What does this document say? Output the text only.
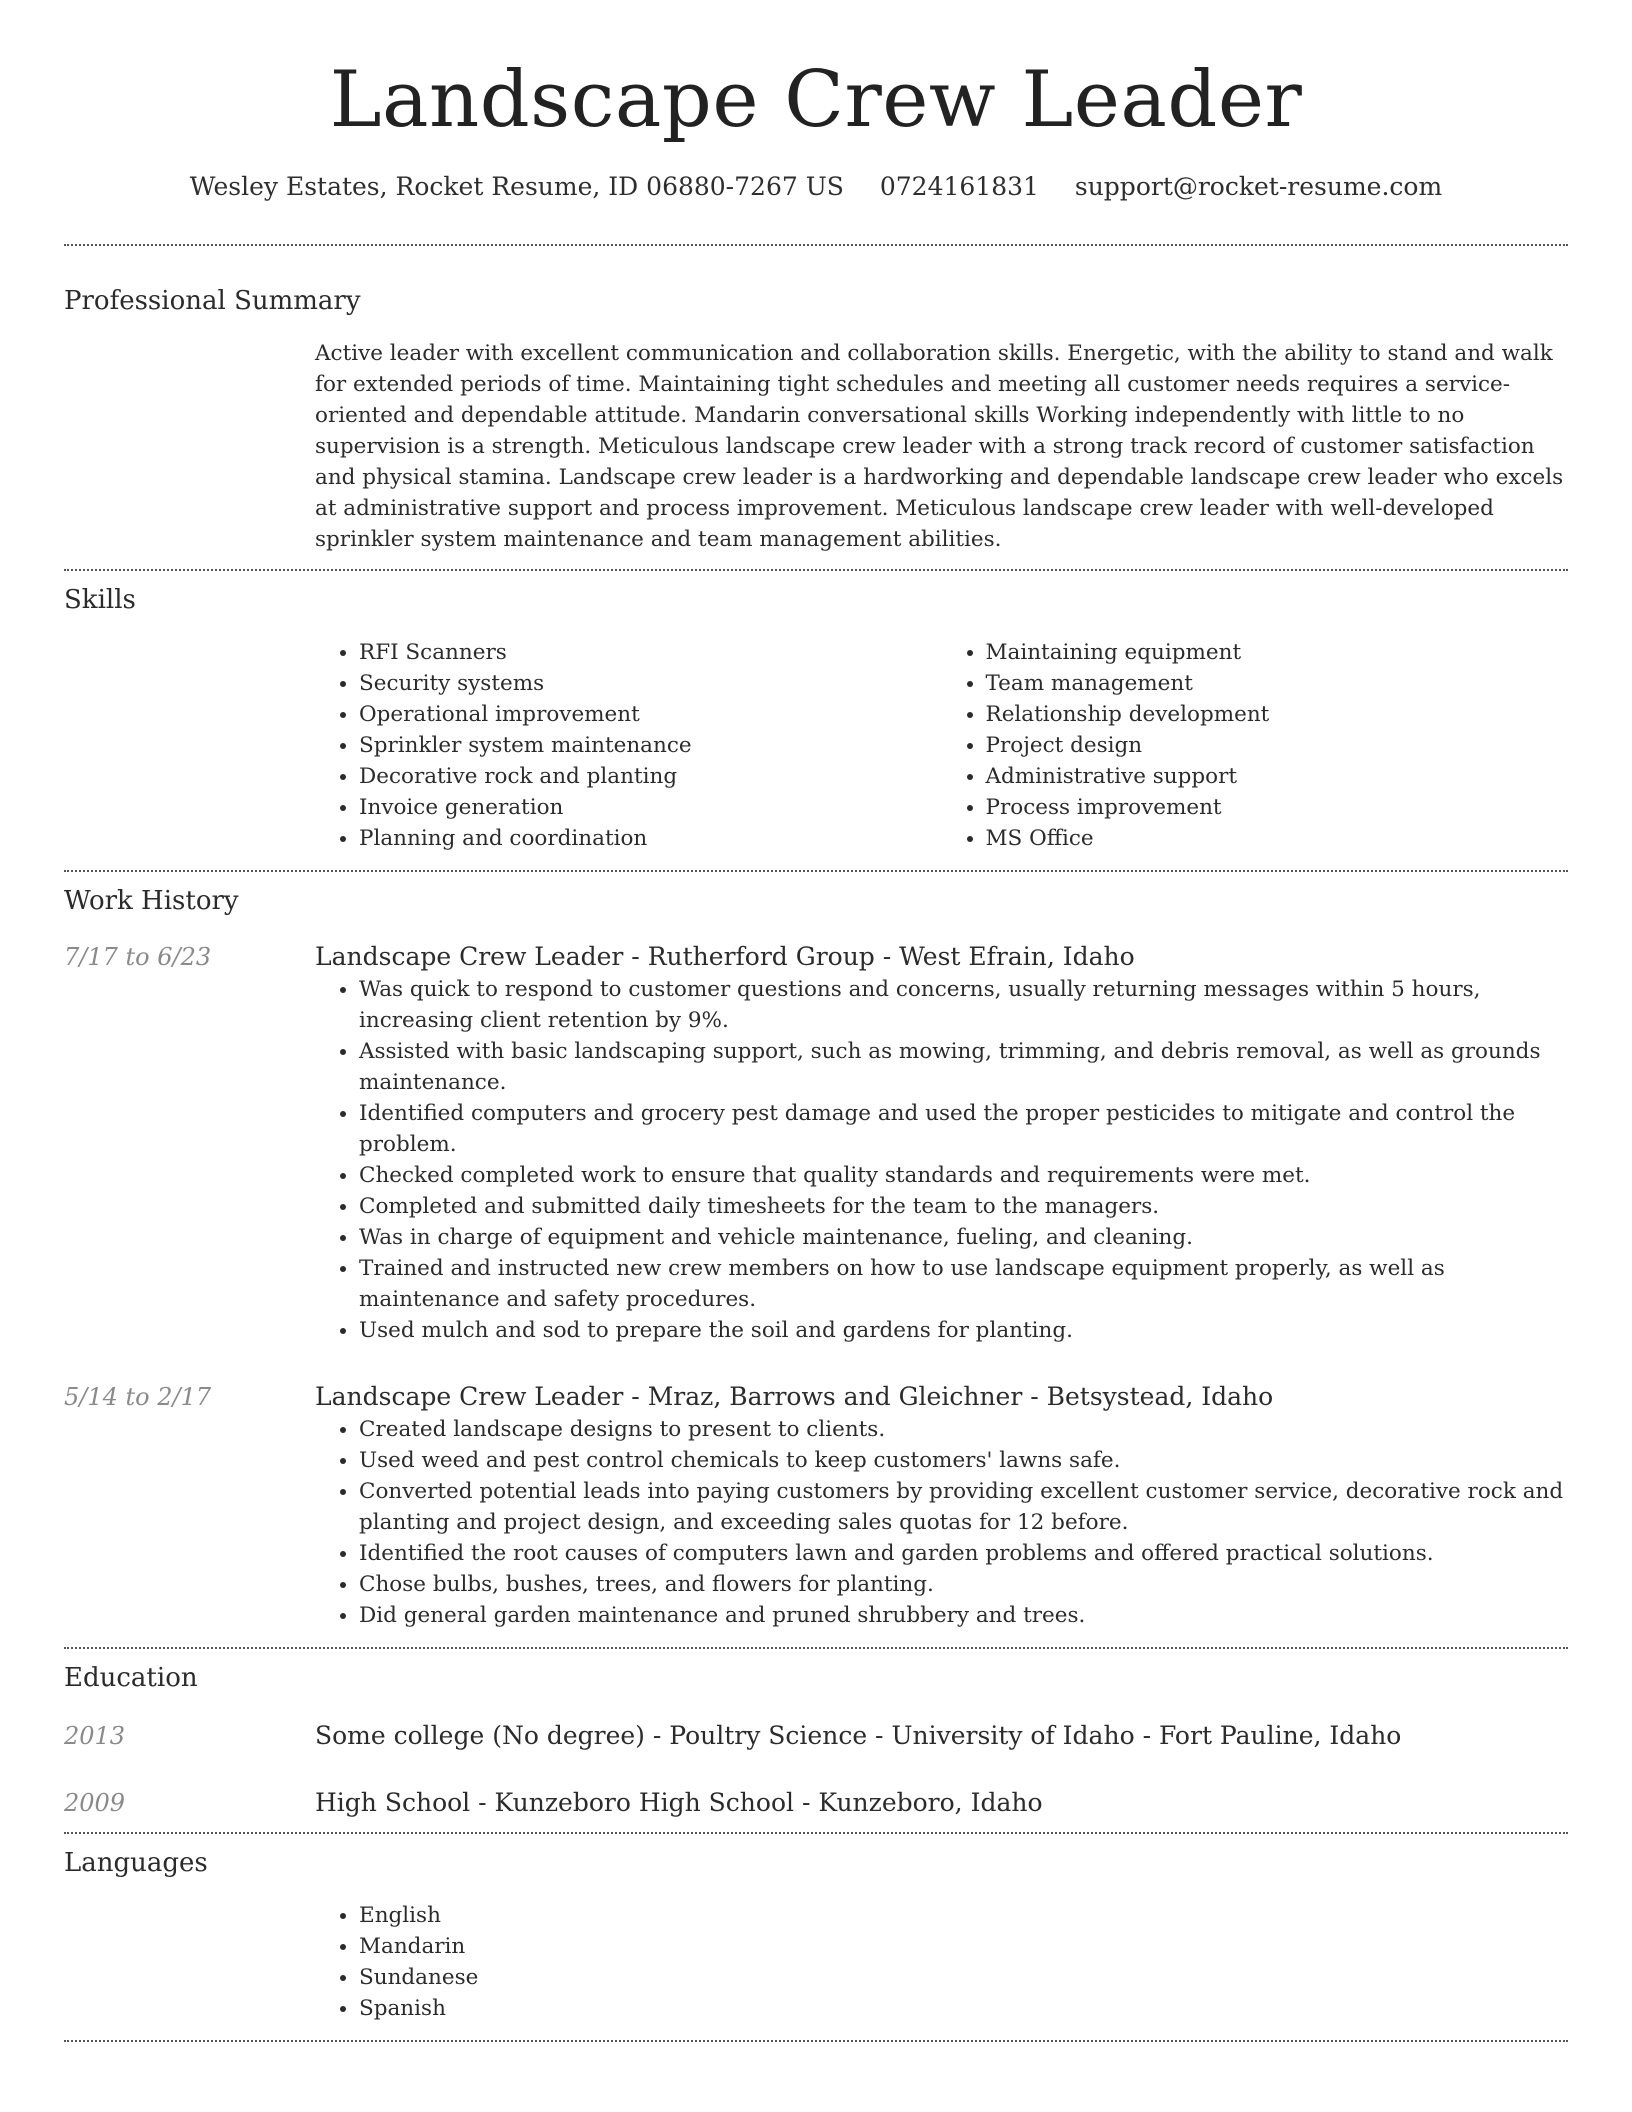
Landscape Crew Leader
Wesley Estates, Rocket Resume, ID 06880-7267 US 0724161831 support@rocket-resume.com
Professional Summary

Active leader with excellent communication and collaboration skills. Energetic, with the ability to stand and walk for extended periods of time. Maintaining tight schedules and meeting all customer needs requires a service-oriented and dependable attitude. Mandarin conversational skills Working independently with little to no supervision is a strength. Meticulous landscape crew leader with a strong track record of customer satisfaction and physical stamina. Landscape crew leader is a hardworking and dependable landscape crew leader who excels at administrative support and process improvement. Meticulous landscape crew leader with well-developed sprinkler system maintenance and team management abilities.

Skills
• RFI Scanners
• Security systems
• Operational improvement
• Sprinkler system maintenance
• Decorative rock and planting
• Invoice generation
• Planning and coordination
• Maintaining equipment
• Team management
• Relationship development
• Project design
• Administrative support
• Process improvement
• MS Office
Work History
7/17 to 6/23	Landscape Crew Leader - Rutherford Group - West Efrain, Idaho
• Was quick to respond to customer questions and concerns, usually returning messages within 5 hours, increasing client retention by 9%.
• Assisted with basic landscaping support, such as mowing, trimming, and debris removal, as well as grounds maintenance.
• Identified computers and grocery pest damage and used the proper pesticides to mitigate and control the problem.
• Checked completed work to ensure that quality standards and requirements were met.
• Completed and submitted daily timesheets for the team to the managers.
• Was in charge of equipment and vehicle maintenance, fueling, and cleaning.
• Trained and instructed new crew members on how to use landscape equipment properly, as well as maintenance and safety procedures.
• Used mulch and sod to prepare the soil and gardens for planting.
5/14 to 2/17	Landscape Crew Leader - Mraz, Barrows and Gleichner - Betsystead, Idaho
• Created landscape designs to present to clients.
• Used weed and pest control chemicals to keep customers' lawns safe.
• Converted potential leads into paying customers by providing excellent customer service, decorative rock and planting and project design, and exceeding sales quotas for 12 before.
• Identified the root causes of computers lawn and garden problems and offered practical solutions.
• Chose bulbs, bushes, trees, and flowers for planting.
• Did general garden maintenance and pruned shrubbery and trees.
Education
2013	Some college (No degree) - Poultry Science - University of Idaho - Fort Pauline, Idaho
2009	High School - Kunzeboro High School - Kunzeboro, Idaho
Languages
• English
• Mandarin
• Sundanese
• Spanish
